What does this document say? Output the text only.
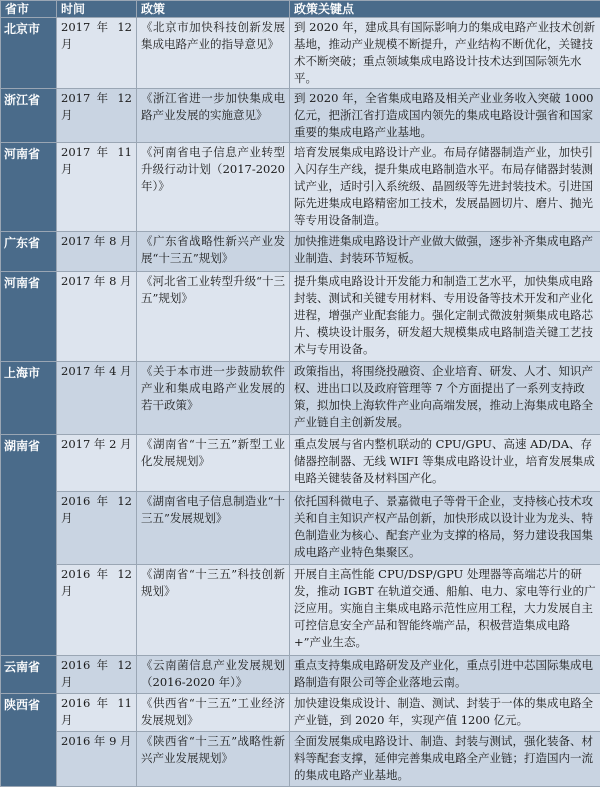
省市	时间	政策	政策关键点
北京市	2017 年 12 月	《北京市加快科技创新发展集成电路产业的指导意见》	到 2020 年，建成具有国际影响力的集成电路产业技术创新基地，推动产业规模不断提升，产业结构不断优化，关键技术不断突破；重点领域集成电路设计技术达到国际领先水平。
浙江省	2017 年 12 月	《浙江省进一步加快集成电路产业发展的实施意见》	到 2020 年，全省集成电路及相关产业业务收入突破 1000 亿元，把浙江省打造成国内领先的集成电路设计强省和国家重要的集成电路产业基地。
河南省	2017 年 11 月	《河南省电子信息产业转型升级行动计划（2017-2020 年）》	培育发展集成电路设计产业。布局存储器制造产业，加快引入闪存生产线，提升集成电路制造水平。布局存储器封装测试产业，适时引入系统级、晶圆级等先进封装技术。引进国际先进集成电路精密加工技术，发展晶圆切片、磨片、抛光等专用设备制造。
广东省	2017 年 8 月	《广东省战略性新兴产业发展“十三五”规划》	加快推进集成电路设计产业做大做强，逐步补齐集成电路产业制造、封装环节短板。
河南省	2017 年 8 月	《河北省工业转型升级“十三五”规划》	提升集成电路设计开发能力和制造工艺水平，加快集成电路封装、测试和关键专用材料、专用设备等技术开发和产业化进程，增强产业配套能力。强化定制式微波射频集成电路芯片、模块设计服务，研发超大规模集成电路制造关键工艺技术与专用设备。
上海市	2017 年 4 月	《关于本市进一步鼓励软件产业和集成电路产业发展的若干政策》	政策指出，将围绕投融资、企业培育、研发、人才、知识产权、进出口以及政府管理等 7 个方面提出了一系列支持政策，拟加快上海软件产业向高端发展，推动上海集成电路全产业链自主创新发展。
湖南省	2017 年 2 月	《湖南省“十三五”新型工业化发展规划》	重点发展与省内整机联动的 CPU/GPU、高速 AD/DA、存储器控制器、无线 WIFI 等集成电路设计业，培育发展集成电路关键装备及材料国产化。
	2016 年 12 月	《湖南省电子信息制造业“十三五”发展规划》	依托国科微电子、景嘉微电子等骨干企业，支持核心技术攻关和自主知识产权产品创新，加快形成以设计业为龙头、特色制造业为核心、配套产业为支撑的格局，努力建设我国集成电路产业特色集聚区。
	2016 年 12 月	《湖南省“十三五”科技创新规划》	开展自主高性能 CPU/DSP/GPU 处理器等高端芯片的研发，推动 IGBT 在轨道交通、船舶、电力、家电等行业的广泛应用。实施自主集成电路示范性应用工程，大力发展自主可控信息安全产品和智能终端产品，积极营造集成电路+”产业生态。
云南省	2016 年 12 月	《云南菌信息产业发展规划（2016-2020 年）》	重点支持集成电路研发及产业化，重点引进中芯国际集成电路制造有限公司等企业落地云南。
陕西省	2016 年 11 月	《供西省“十三五”工业经济发展规划》	加快建设集成设计、制造、测试、封装于一体的集成电路全产业链，到 2020 年，实现产值 1200 亿元。
	2016 年 9 月	《陕西省“十三五”战略性新兴产业发展规划》	全面发展集成电路设计、制造、封装与测试，强化装备、材料等配套支撑，延伸完善集成电路全产业链；打造国内一流的集成电路产业基地。
